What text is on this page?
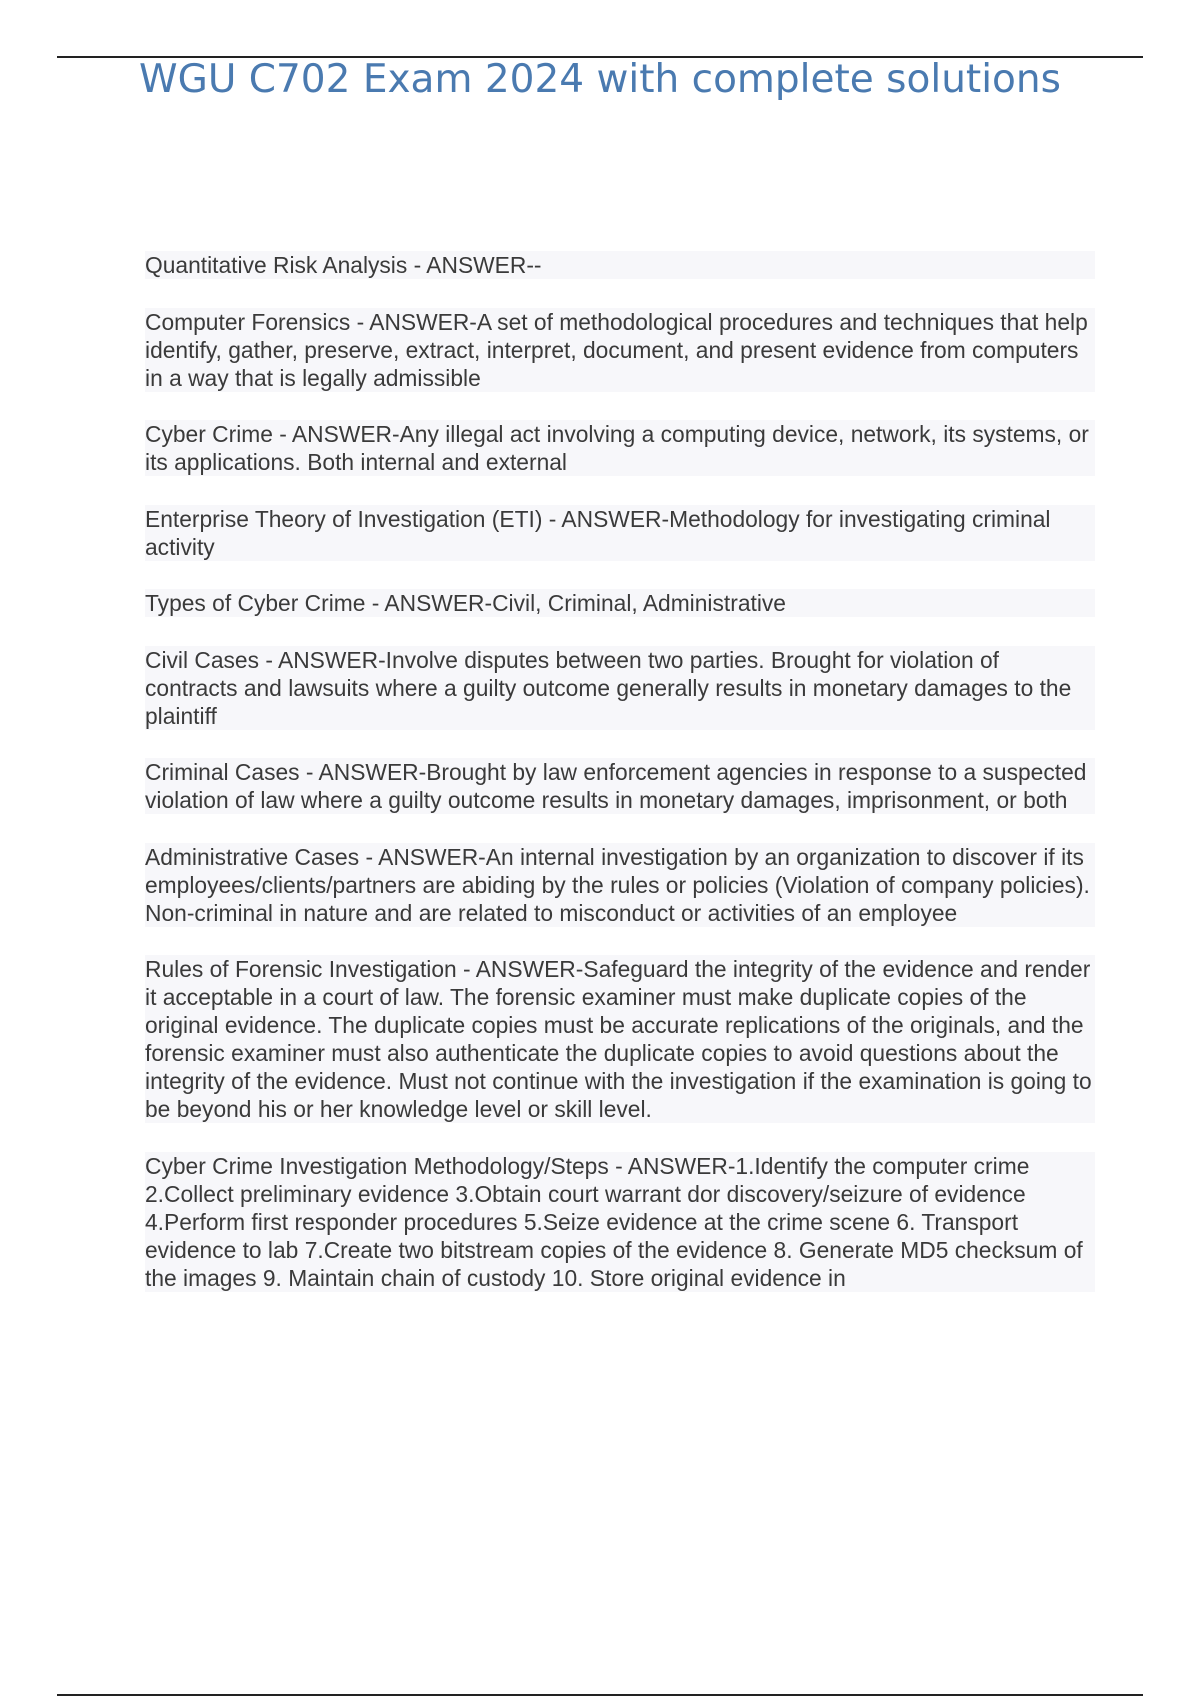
WGU C702 Exam 2024 with complete solutions
Quantitative Risk Analysis - ANSWER--
Computer Forensics - ANSWER-A set of methodological procedures and techniques that help identify, gather, preserve, extract, interpret, document, and present evidence from computers in a way that is legally admissible
Cyber Crime - ANSWER-Any illegal act involving a computing device, network, its systems, or its applications. Both internal and external
Enterprise Theory of Investigation (ETI) - ANSWER-Methodology for investigating criminal activity
Types of Cyber Crime - ANSWER-Civil, Criminal, Administrative
Civil Cases - ANSWER-Involve disputes between two parties. Brought for violation of contracts and lawsuits where a guilty outcome generally results in monetary damages to the plaintiff
Criminal Cases - ANSWER-Brought by law enforcement agencies in response to a suspected violation of law where a guilty outcome results in monetary damages, imprisonment, or both
Administrative Cases - ANSWER-An internal investigation by an organization to discover if its employees/clients/partners are abiding by the rules or policies (Violation of company policies). Non-criminal in nature and are related to misconduct or activities of an employee
Rules of Forensic Investigation - ANSWER-Safeguard the integrity of the evidence and render it acceptable in a court of law. The forensic examiner must make duplicate copies of the original evidence. The duplicate copies must be accurate replications of the originals, and the forensic examiner must also authenticate the duplicate copies to avoid questions about the integrity of the evidence. Must not continue with the investigation if the examination is going to be beyond his or her knowledge level or skill level.
Cyber Crime Investigation Methodology/Steps - ANSWER-1.Identify the computer crime 2.Collect preliminary evidence 3.Obtain court warrant dor discovery/seizure of evidence 4.Perform first responder procedures 5.Seize evidence at the crime scene 6. Transport evidence to lab 7.Create two bitstream copies of the evidence 8. Generate MD5 checksum of the images 9. Maintain chain of custody 10. Store original evidence in
